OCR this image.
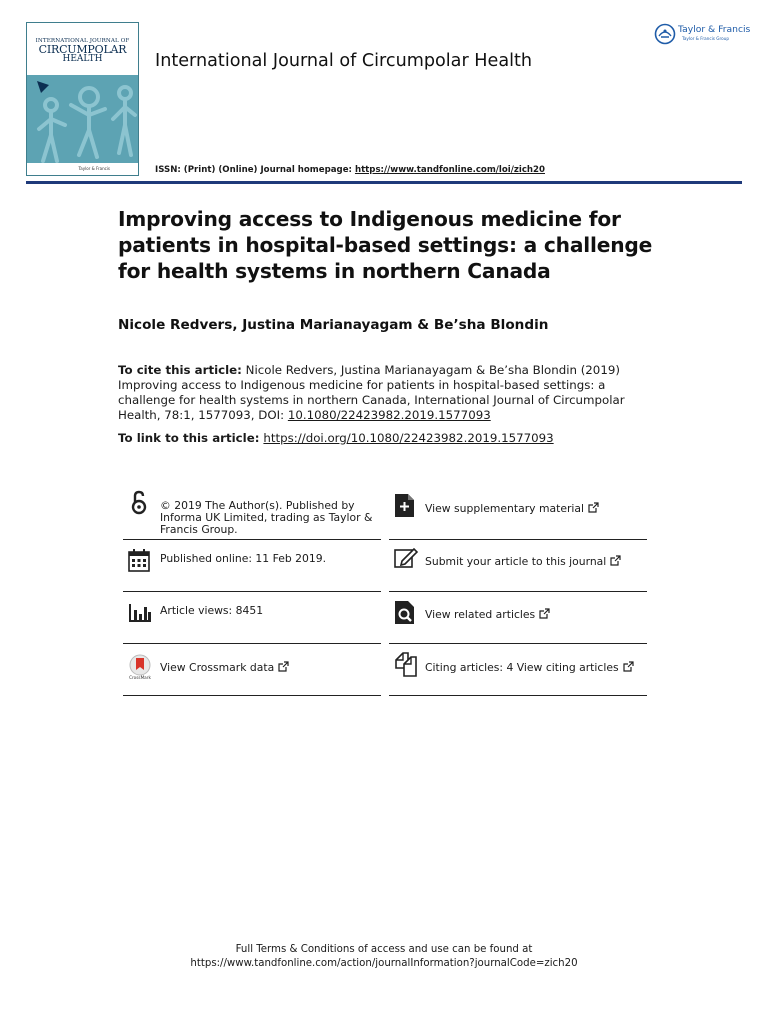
INTERNATIONAL JOURNAL OF
CIRCUMPOLAR
HEALTH
Taylor & Francis
International Journal of Circumpolar Health
Taylor & Francis
Taylor & Francis Group
ISSN: (Print) (Online) Journal homepage: https://www.tandfonline.com/loi/zich20
Improving access to Indigenous medicine for patients in hospital-based settings: a challenge for health systems in northern Canada
Nicole Redvers, Justina Marianayagam & Be’sha Blondin
To cite this article: Nicole Redvers, Justina Marianayagam & Be’sha Blondin (2019) Improving access to Indigenous medicine for patients in hospital-based settings: a challenge for health systems in northern Canada, International Journal of Circumpolar Health, 78:1, 1577093, DOI: 10.1080/22423982.2019.1577093
To link to this article: https://doi.org/10.1080/22423982.2019.1577093
© 2019 The Author(s). Published by Informa UK Limited, trading as Taylor & Francis Group.
Published online: 11 Feb 2019.
Article views: 8451
CrossMark
View Crossmark data
View supplementary material
Submit your article to this journal
View related articles
Citing articles: 4 View citing articles
Full Terms & Conditions of access and use can be found at
https://www.tandfonline.com/action/journalInformation?journalCode=zich20
